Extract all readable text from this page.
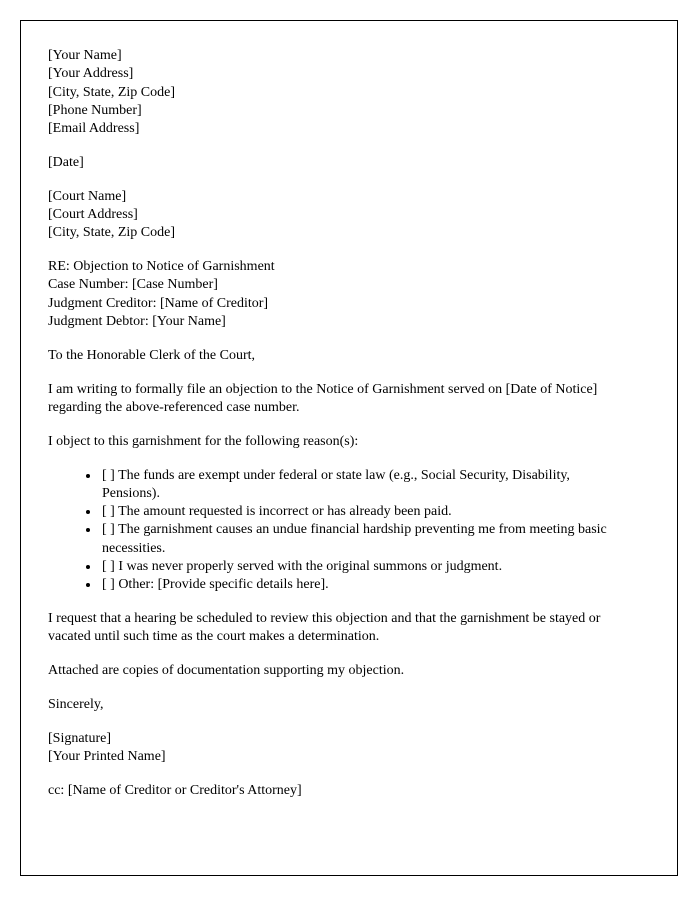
[Your Name]
[Your Address]
[City, State, Zip Code]
[Phone Number]
[Email Address]
[Date]
[Court Name]
[Court Address]
[City, State, Zip Code]
RE: Objection to Notice of Garnishment
Case Number: [Case Number]
Judgment Creditor: [Name of Creditor]
Judgment Debtor: [Your Name]
To the Honorable Clerk of the Court,
I am writing to formally file an objection to the Notice of Garnishment served on [Date of Notice] regarding the above-referenced case number.
I object to this garnishment for the following reason(s):
• [ ] The funds are exempt under federal or state law (e.g., Social Security, Disability, Pensions).
• [ ] The amount requested is incorrect or has already been paid.
• [ ] The garnishment causes an undue financial hardship preventing me from meeting basic necessities.
• [ ] I was never properly served with the original summons or judgment.
• [ ] Other: [Provide specific details here].
I request that a hearing be scheduled to review this objection and that the garnishment be stayed or vacated until such time as the court makes a determination.
Attached are copies of documentation supporting my objection.
Sincerely,
[Signature]
[Your Printed Name]
cc: [Name of Creditor or Creditor's Attorney]
